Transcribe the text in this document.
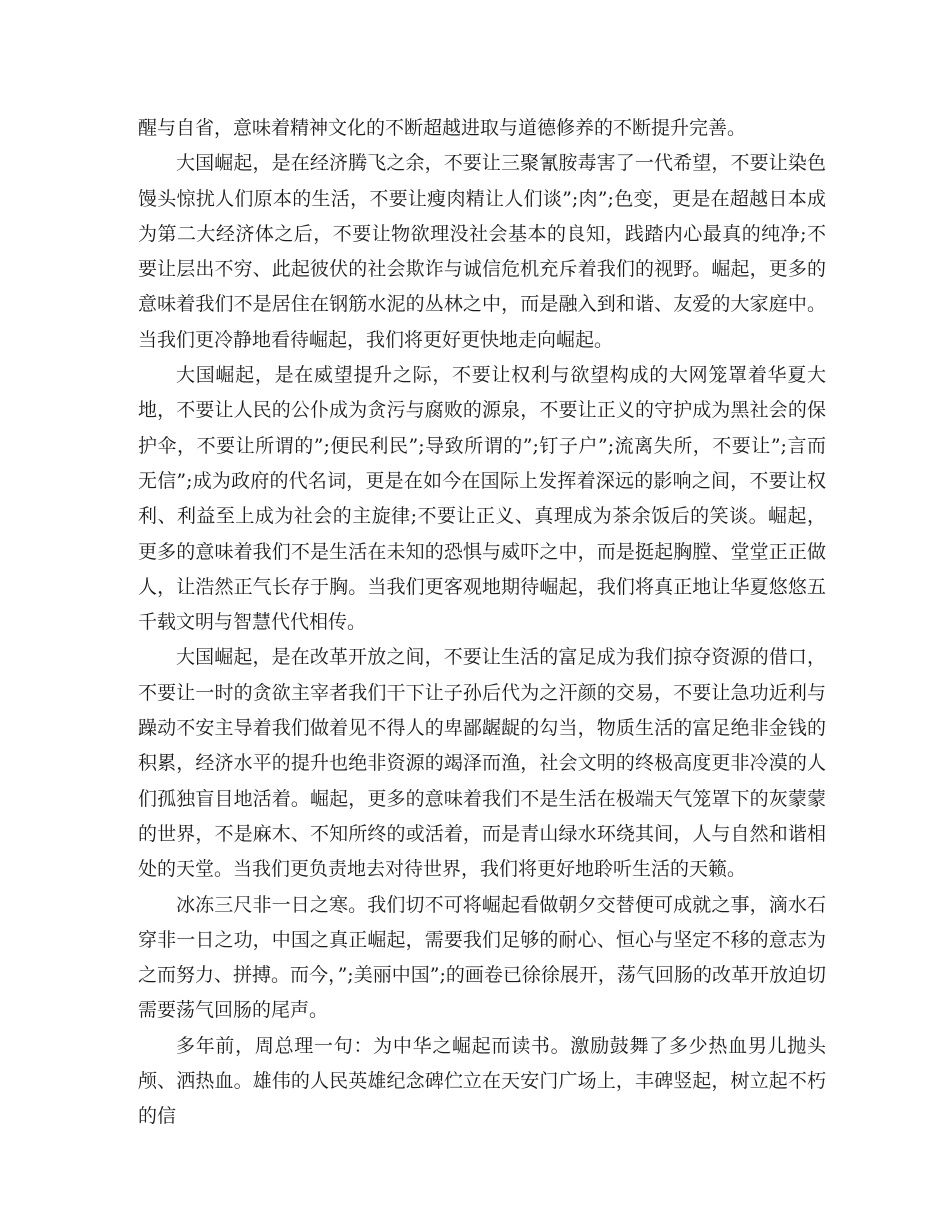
醒与自省，意味着精神文化的不断超越进取与道德修养的不断提升完善。

大国崛起，是在经济腾飞之余，不要让三聚氰胺毒害了一代希望，不要让染色馒头惊扰人们原本的生活，不要让瘦肉精让人们谈”;肉”;色变，更是在超越日本成为第二大经济体之后，不要让物欲理没社会基本的良知，践踏内心最真的纯净;不要让层出不穷、此起彼伏的社会欺诈与诚信危机充斥着我们的视野。崛起，更多的意味着我们不是居住在钢筋水泥的丛林之中，而是融入到和谐、友爱的大家庭中。当我们更冷静地看待崛起，我们将更好更快地走向崛起。

大国崛起，是在威望提升之际，不要让权利与欲望构成的大网笼罩着华夏大地，不要让人民的公仆成为贪污与腐败的源泉，不要让正义的守护成为黑社会的保护伞，不要让所谓的”;便民利民”;导致所谓的”;钉子户”;流离失所，不要让”;言而无信”;成为政府的代名词，更是在如今在国际上发挥着深远的影响之间，不要让权利、利益至上成为社会的主旋律;不要让正义、真理成为茶余饭后的笑谈。崛起，更多的意味着我们不是生活在未知的恐惧与威吓之中，而是挺起胸膛、堂堂正正做人，让浩然正气长存于胸。当我们更客观地期待崛起，我们将真正地让华夏悠悠五千载文明与智慧代代相传。

大国崛起，是在改革开放之间，不要让生活的富足成为我们掠夺资源的借口，不要让一时的贪欲主宰者我们干下让子孙后代为之汗颜的交易，不要让急功近利与躁动不安主导着我们做着见不得人的卑鄙龌龊的勾当，物质生活的富足绝非金钱的积累，经济水平的提升也绝非资源的竭泽而渔，社会文明的终极高度更非冷漠的人们孤独盲目地活着。崛起，更多的意味着我们不是生活在极端天气笼罩下的灰蒙蒙的世界，不是麻木、不知所终的或活着，而是青山绿水环绕其间，人与自然和谐相处的天堂。当我们更负责地去对待世界，我们将更好地聆听生活的天籁。

冰冻三尺非一日之寒。我们切不可将崛起看做朝夕交替便可成就之事，滴水石穿非一日之功，中国之真正崛起，需要我们足够的耐心、恒心与坚定不移的意志为之而努力、拼搏。而今，”;美丽中国”;的画卷已徐徐展开，荡气回肠的改革开放迫切需要荡气回肠的尾声。

多年前，周总理一句：为中华之崛起而读书。激励鼓舞了多少热血男儿抛头颅、洒热血。雄伟的人民英雄纪念碑伫立在天安门广场上，丰碑竖起，树立起不朽的信
